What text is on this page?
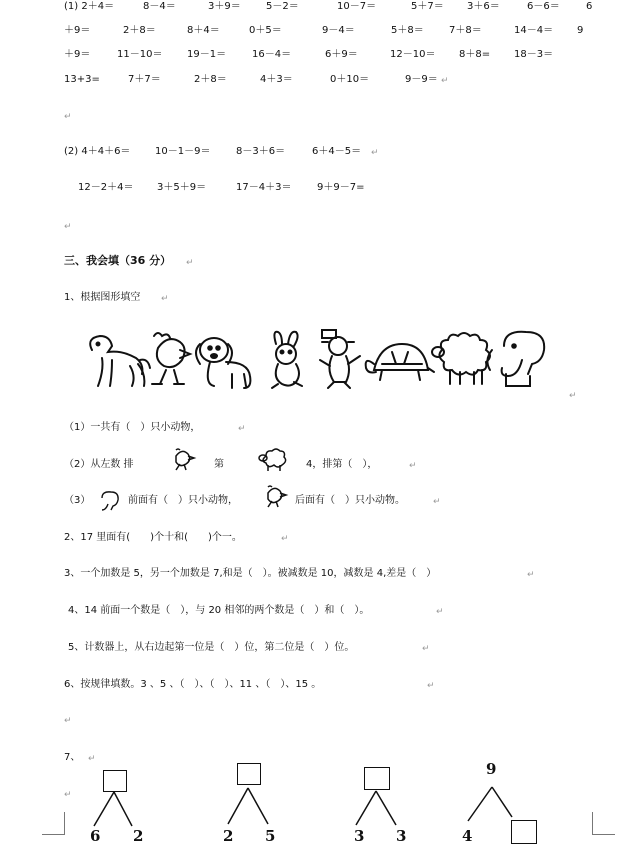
(1) 2＋4＝	8－4＝	3＋9＝	5－2＝	10－7＝	5＋7＝ 3＋6＝	6－6＝	6
＋9＝	2＋8＝	8＋4＝	0＋5＝	9－4＝	5＋8＝	7＋8＝	14－4＝ 9
＋9＝	11－10＝ 19－1＝	16－4＝	6＋9＝	12－10＝ 8＋8= 18－3＝
13+3=	7＋7＝	2＋8＝	4＋3＝	0＋10＝	9－9＝ ↵
↵
(2) 4＋4＋6＝ 10－1－9＝	8－3＋6＝	6＋4－5＝ ↵
12－2＋4＝ 3＋5＋9＝	17－4＋3＝	9＋9－7=
↵
三、我会填（36 分） ↵
1、根据图形填空 ↵
↵
（1）一共有（　）只小动物，	↵
（2）从左数 排	第	4，排第（　），	↵
（3）	前面有（　）只小动物，	后面有（　）只小动物。	↵
2、17 里面有(　　)个十和(　　)个一。	↵
3、一个加数是 5，另一个加数是 7,和是（　）。被减数是 10，减数是 4,差是（　）	↵
4、14 前面一个数是（　），与 20 相邻的两个数是（　）和（　）。	↵
5、计数器上，从右边起第一位是（　）位，第二位是（　）位。	↵
6、按规律填数。3 、5 、（　）、（　）、11 、（　）、15 。	↵
↵
7、 ↵
↵
6 2	2 5	3 3
9
4
